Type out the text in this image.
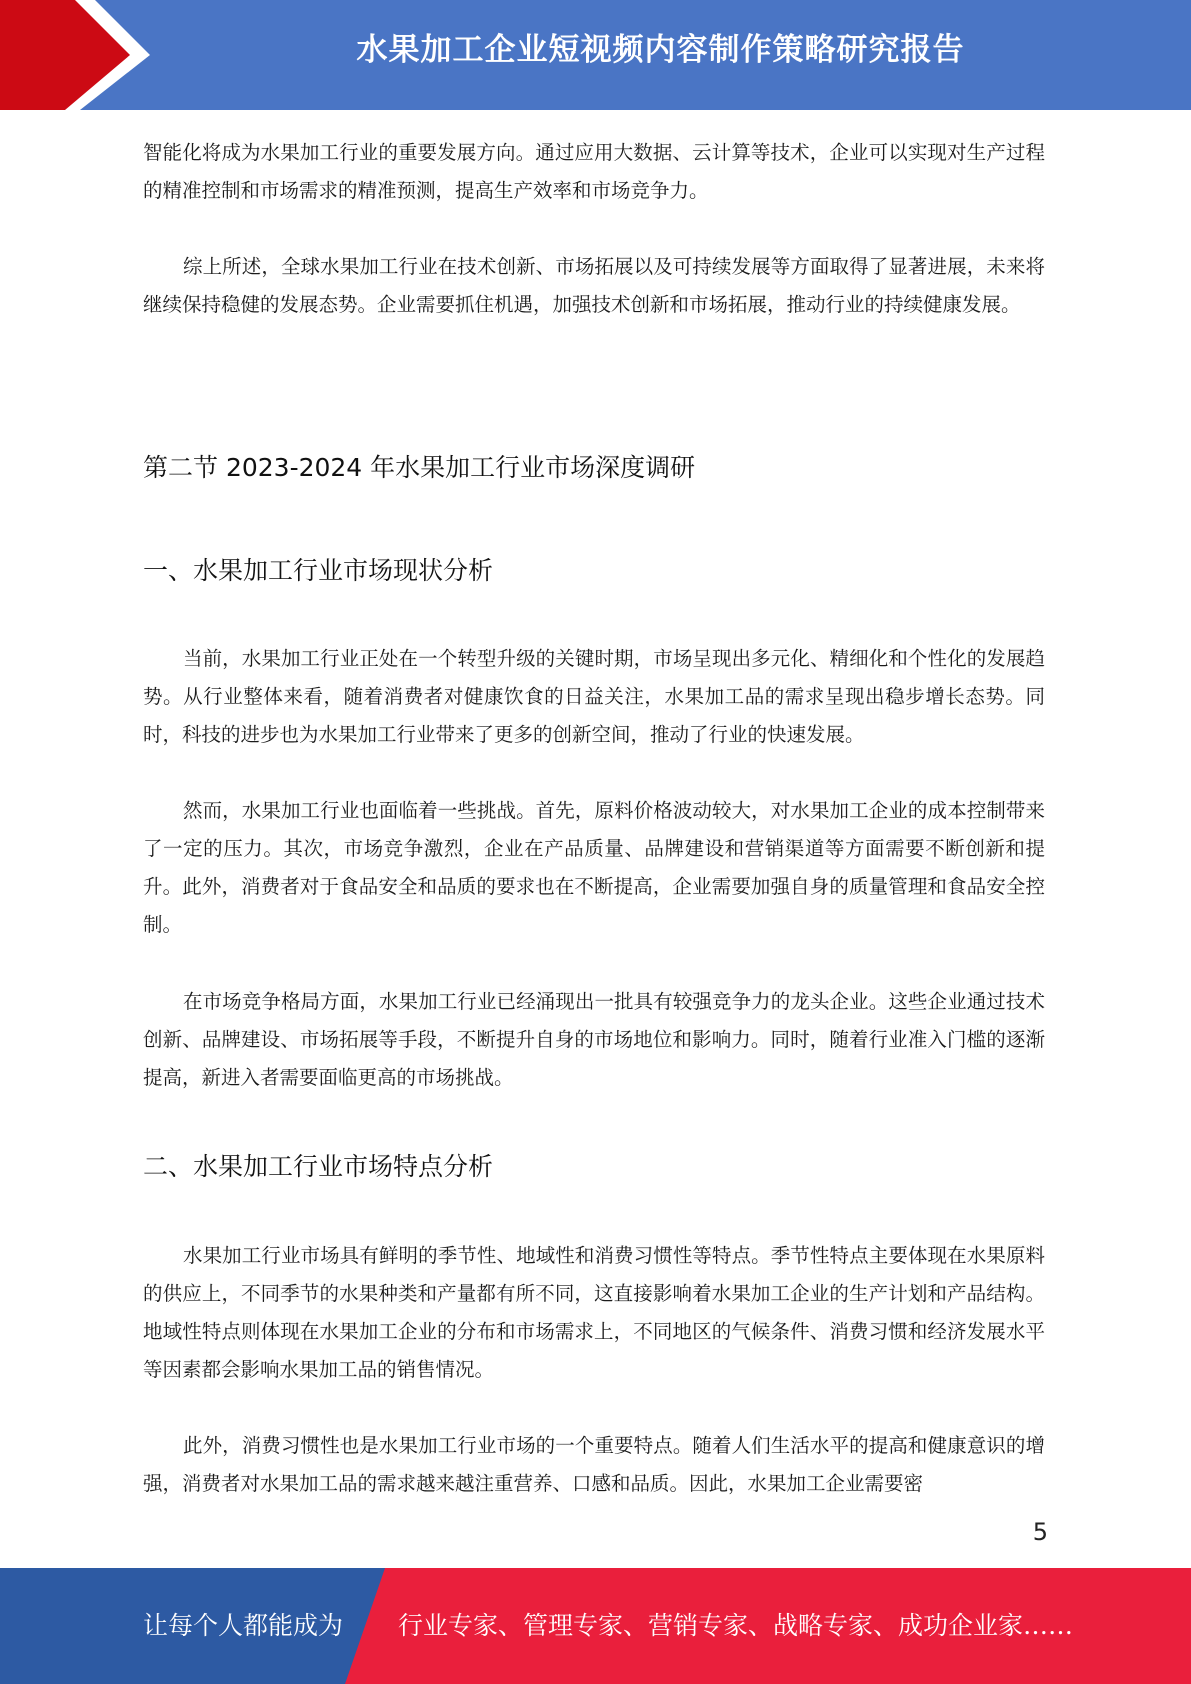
水果加工企业短视频内容制作策略研究报告

智能化将成为水果加工行业的重要发展方向。通过应用大数据、云计算等技术，企业可以实现对生产过程的精准控制和市场需求的精准预测，提高生产效率和市场竞争力。

综上所述，全球水果加工行业在技术创新、市场拓展以及可持续发展等方面取得了显著进展，未来将继续保持稳健的发展态势。企业需要抓住机遇，加强技术创新和市场拓展，推动行业的持续健康发展。

第二节 2023-2024 年水果加工行业市场深度调研
一、水果加工行业市场现状分析

当前，水果加工行业正处在一个转型升级的关键时期，市场呈现出多元化、精细化和个性化的发展趋势。从行业整体来看，随着消费者对健康饮食的日益关注，水果加工品的需求呈现出稳步增长态势。同时，科技的进步也为水果加工行业带来了更多的创新空间，推动了行业的快速发展。

然而，水果加工行业也面临着一些挑战。首先，原料价格波动较大，对水果加工企业的成本控制带来了一定的压力。其次，市场竞争激烈，企业在产品质量、品牌建设和营销渠道等方面需要不断创新和提升。此外，消费者对于食品安全和品质的要求也在不断提高，企业需要加强自身的质量管理和食品安全控制。

在市场竞争格局方面，水果加工行业已经涌现出一批具有较强竞争力的龙头企业。这些企业通过技术创新、品牌建设、市场拓展等手段，不断提升自身的市场地位和影响力。同时，随着行业准入门槛的逐渐提高，新进入者需要面临更高的市场挑战。

二、水果加工行业市场特点分析

水果加工行业市场具有鲜明的季节性、地域性和消费习惯性等特点。季节性特点主要体现在水果原料的供应上，不同季节的水果种类和产量都有所不同，这直接影响着水果加工企业的生产计划和产品结构。地域性特点则体现在水果加工企业的分布和市场需求上，不同地区的气候条件、消费习惯和经济发展水平等因素都会影响水果加工品的销售情况。

此外，消费习惯性也是水果加工行业市场的一个重要特点。随着人们生活水平的提高和健康意识的增强，消费者对水果加工品的需求越来越注重营养、口感和品质。因此，水果加工企业需要密

5
让每个人都能成为 行业专家、管理专家、营销专家、战略专家、成功企业家……
